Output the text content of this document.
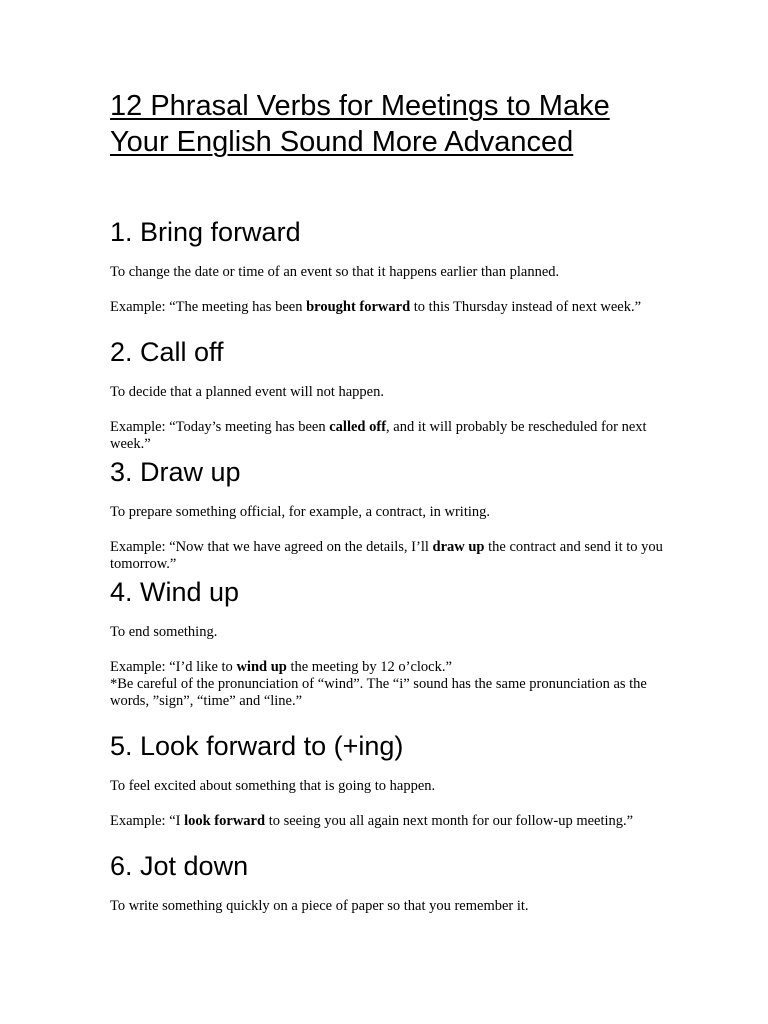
12 Phrasal Verbs for Meetings to Make Your English Sound More Advanced
1. Bring forward

To change the date or time of an event so that it happens earlier than planned.

Example: “The meeting has been brought forward to this Thursday instead of next week.”

2. Call off

To decide that a planned event will not happen.

Example: “Today’s meeting has been called off, and it will probably be rescheduled for next week.”

3. Draw up

To prepare something official, for example, a contract, in writing.

Example: “Now that we have agreed on the details, I’ll draw up the contract and send it to you tomorrow.”

4. Wind up

To end something.

Example: “I’d like to wind up the meeting by 12 o’clock.”

*Be careful of the pronunciation of “wind”. The “i” sound has the same pronunciation as the words, ”sign”, “time” and “line.”

5. Look forward to (+ing)

To feel excited about something that is going to happen.

Example: “I look forward to seeing you all again next month for our follow-up meeting.”

6. Jot down

To write something quickly on a piece of paper so that you remember it.
